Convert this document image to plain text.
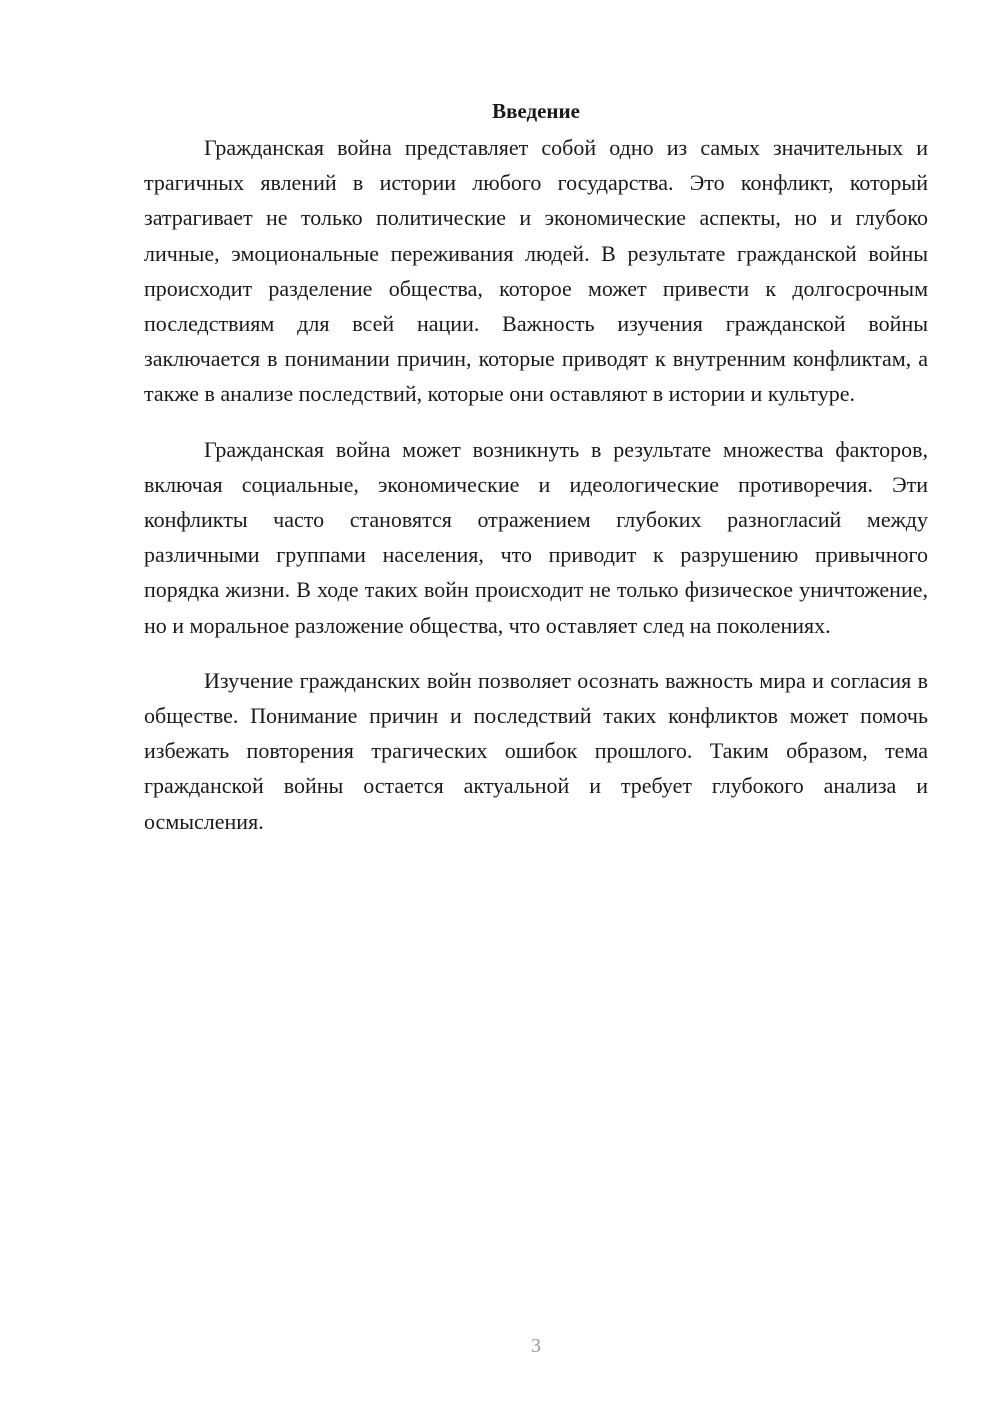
Введение

Гражданская война представляет собой одно из самых значительных и трагичных явлений в истории любого государства. Это конфликт, который затрагивает не только политические и экономические аспекты, но и глубоко личные, эмоциональные переживания людей. В результате гражданской войны происходит разделение общества, которое может привести к долгосрочным последствиям для всей нации. Важность изучения гражданской войны заключается в понимании причин, которые приводят к внутренним конфликтам, а также в анализе последствий, которые они оставляют в истории и культуре.

Гражданская война может возникнуть в результате множества факторов, включая социальные, экономические и идеологические противоречия. Эти конфликты часто становятся отражением глубоких разногласий между различными группами населения, что приводит к разрушению привычного порядка жизни. В ходе таких войн происходит не только физическое уничтожение, но и моральное разложение общества, что оставляет след на поколениях.

Изучение гражданских войн позволяет осознать важность мира и согласия в обществе. Понимание причин и последствий таких конфликтов может помочь избежать повторения трагических ошибок прошлого. Таким образом, тема гражданской войны остается актуальной и требует глубокого анализа и осмысления.

3
